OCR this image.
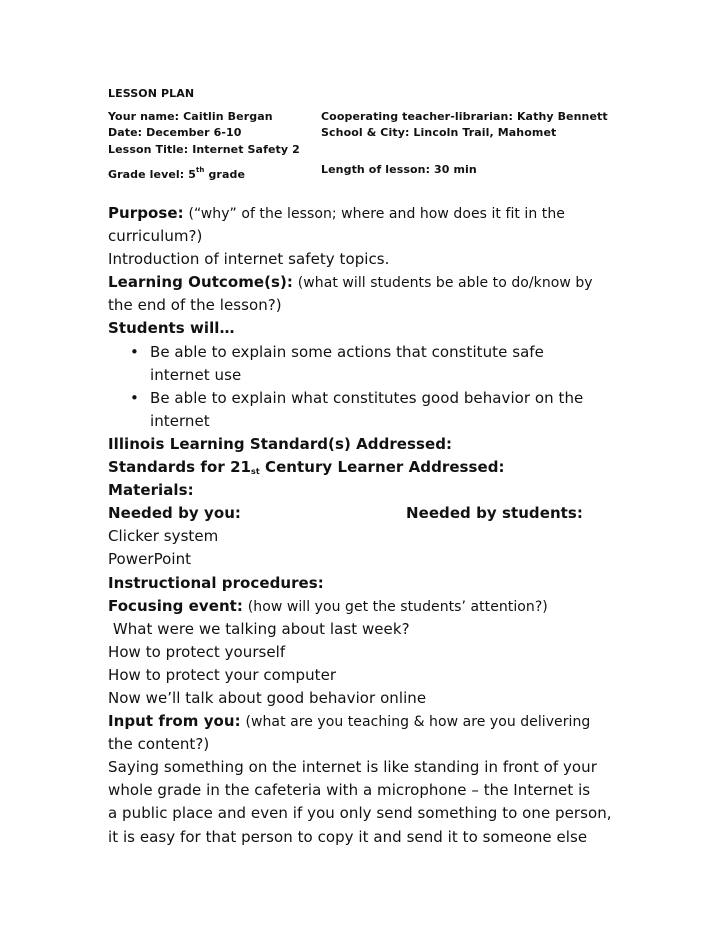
LESSON PLAN
Your name: Caitlin Bergan	Cooperating teacher-librarian: Kathy Bennett
Date: December 6-10	School & City: Lincoln Trail, Mahomet
Lesson Title: Internet Safety 2
Grade level: 5th grade	Length of lesson: 30 min
Purpose: (“why” of the lesson; where and how does it fit in the
curriculum?)
Introduction of internet safety topics.
Learning Outcome(s): (what will students be able to do/know by
the end of the lesson?)
Students will…
• Be able to explain some actions that constitute safe
internet use
• Be able to explain what constitutes good behavior on the
internet
Illinois Learning Standard(s) Addressed:
Standards for 21st Century Learner Addressed:
Materials:
Needed by you:	Needed by students:
Clicker system
PowerPoint
Instructional procedures:
Focusing event: (how will you get the students’ attention?)
What were we talking about last week?
How to protect yourself
How to protect your computer
Now we’ll talk about good behavior online
Input from you: (what are you teaching & how are you delivering
the content?)
Saying something on the internet is like standing in front of your
whole grade in the cafeteria with a microphone – the Internet is
a public place and even if you only send something to one person,
it is easy for that person to copy it and send it to someone else
